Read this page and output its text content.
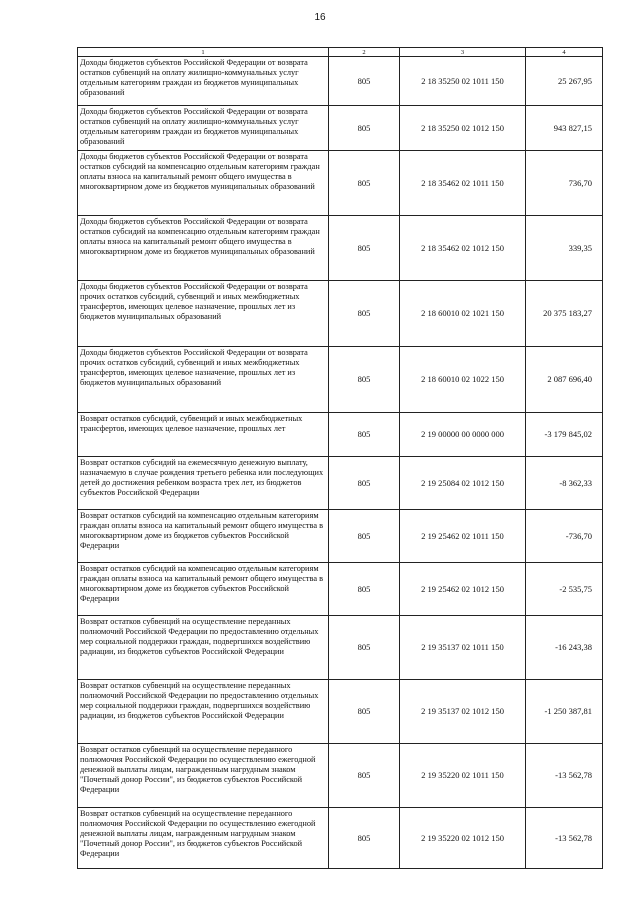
16
1	2	3	4
Доходы бюджетов субъектов Российской Федерации от возврата остатков субвенций на оплату жилищно-коммунальных услуг отдельным категориям граждан из бюджетов муниципальных образований	805	2 18 35250 02 1011 150	25 267,95
Доходы бюджетов субъектов Российской Федерации от возврата остатков субвенций на оплату жилищно-коммунальных услуг отдельным категориям граждан из бюджетов муниципальных образований	805	2 18 35250 02 1012 150	943 827,15
Доходы бюджетов субъектов Российской Федерации от возврата остатков субсидий на компенсацию отдельным категориям граждан оплаты взноса на капитальный ремонт общего имущества в многоквартирном доме из бюджетов муниципальных образований	805	2 18 35462 02 1011 150	736,70
Доходы бюджетов субъектов Российской Федерации от возврата остатков субсидий на компенсацию отдельным категориям граждан оплаты взноса на капитальный ремонт общего имущества в многоквартирном доме из бюджетов муниципальных образований	805	2 18 35462 02 1012 150	339,35
Доходы бюджетов субъектов Российской Федерации от возврата прочих остатков субсидий, субвенций и иных межбюджетных трансфертов, имеющих целевое назначение, прошлых лет из бюджетов муниципальных образований	805	2 18 60010 02 1021 150	20 375 183,27
Доходы бюджетов субъектов Российской Федерации от возврата прочих остатков субсидий, субвенций и иных межбюджетных трансфертов, имеющих целевое назначение, прошлых лет из бюджетов муниципальных образований	805	2 18 60010 02 1022 150	2 087 696,40
Возврат остатков субсидий, субвенций и иных межбюджетных трансфертов, имеющих целевое назначение, прошлых лет	805	2 19 00000 00 0000 000	-3 179 845,02
Возврат остатков субсидий на ежемесячную денежную выплату, назначаемую в случае рождения третьего ребенка или последующих детей до достижения ребенком возраста трех лет, из бюджетов субъектов Российской Федерации	805	2 19 25084 02 1012 150	-8 362,33
Возврат остатков субсидий на компенсацию отдельным категориям граждан оплаты взноса на капитальный ремонт общего имущества в многоквартирном доме из бюджетов субъектов Российской Федерации	805	2 19 25462 02 1011 150	-736,70
Возврат остатков субсидий на компенсацию отдельным категориям граждан оплаты взноса на капитальный ремонт общего имущества в многоквартирном доме из бюджетов субъектов Российской Федерации	805	2 19 25462 02 1012 150	-2 535,75
Возврат остатков субвенций на осуществление переданных полномочий Российской Федерации по предоставлению отдельных мер социальной поддержки граждан, подвергшихся воздействию радиации, из бюджетов субъектов Российской Федерации	805	2 19 35137 02 1011 150	-16 243,38
Возврат остатков субвенций на осуществление переданных полномочий Российской Федерации по предоставлению отдельных мер социальной поддержки граждан, подвергшихся воздействию радиации, из бюджетов субъектов Российской Федерации	805	2 19 35137 02 1012 150	-1 250 387,81
Возврат остатков субвенций на осуществление переданного полномочия Российской Федерации по осуществлению ежегодной денежной выплаты лицам, награжденным нагрудным знаком "Почетный донор России", из бюджетов субъектов Российской Федерации	805	2 19 35220 02 1011 150	-13 562,78
Возврат остатков субвенций на осуществление переданного полномочия Российской Федерации по осуществлению ежегодной денежной выплаты лицам, награжденным нагрудным знаком "Почетный донор России", из бюджетов субъектов Российской Федерации	805	2 19 35220 02 1012 150	-13 562,78
